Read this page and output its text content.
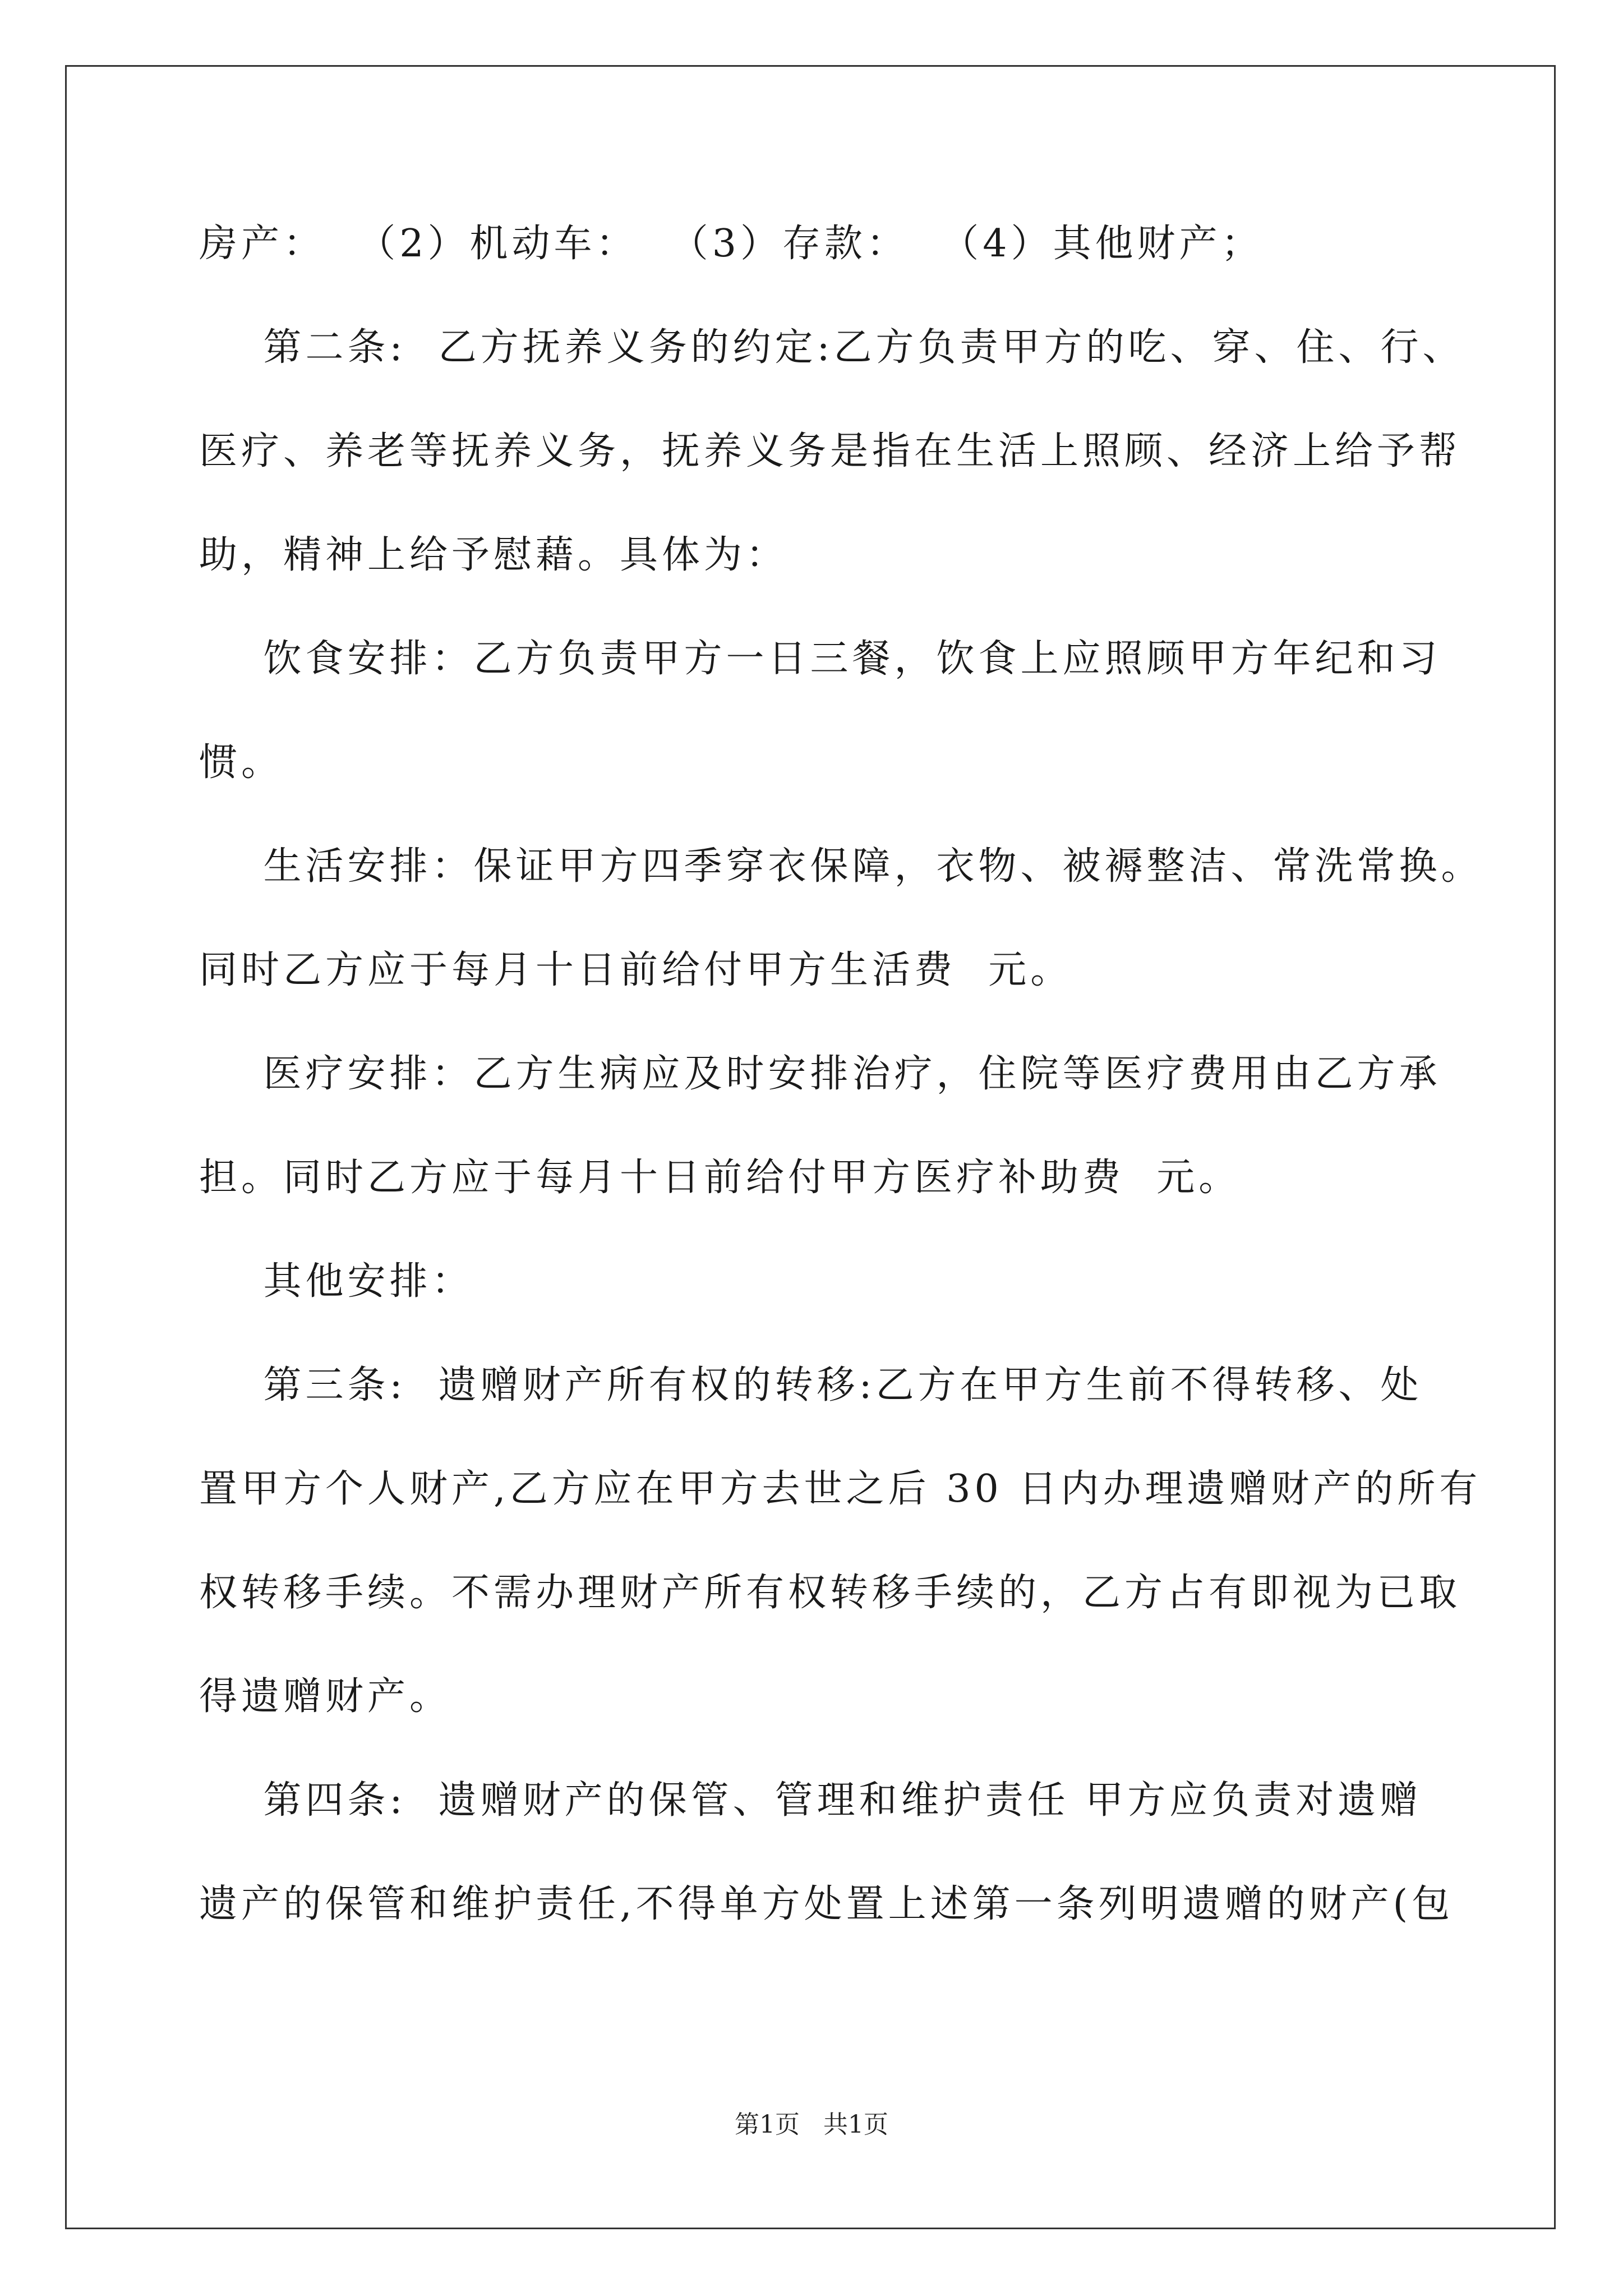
房产：  （2）机动车：  （3）存款：  （4）其他财产；
第二条:  乙方抚养义务的约定:乙方负责甲方的吃、穿、住、行、
医疗、养老等抚养义务，抚养义务是指在生活上照顾、经济上给予帮
助，精神上给予慰藉。具体为：
饮食安排：乙方负责甲方一日三餐，饮食上应照顾甲方年纪和习
惯。
生活安排：保证甲方四季穿衣保障，衣物、被褥整洁、常洗常换。
同时乙方应于每月十日前给付甲方生活费  元。
医疗安排：乙方生病应及时安排治疗，住院等医疗费用由乙方承
担。同时乙方应于每月十日前给付甲方医疗补助费  元。
其他安排：
第三条:  遗赠财产所有权的转移:乙方在甲方生前不得转移、处
置甲方个人财产,乙方应在甲方去世之后 30 日内办理遗赠财产的所有
权转移手续。不需办理财产所有权转移手续的，乙方占有即视为已取
得遗赠财产。
第四条:  遗赠财产的保管、管理和维护责任 甲方应负责对遗赠
遗产的保管和维护责任,不得单方处置上述第一条列明遗赠的财产(包
第1页 共1页
